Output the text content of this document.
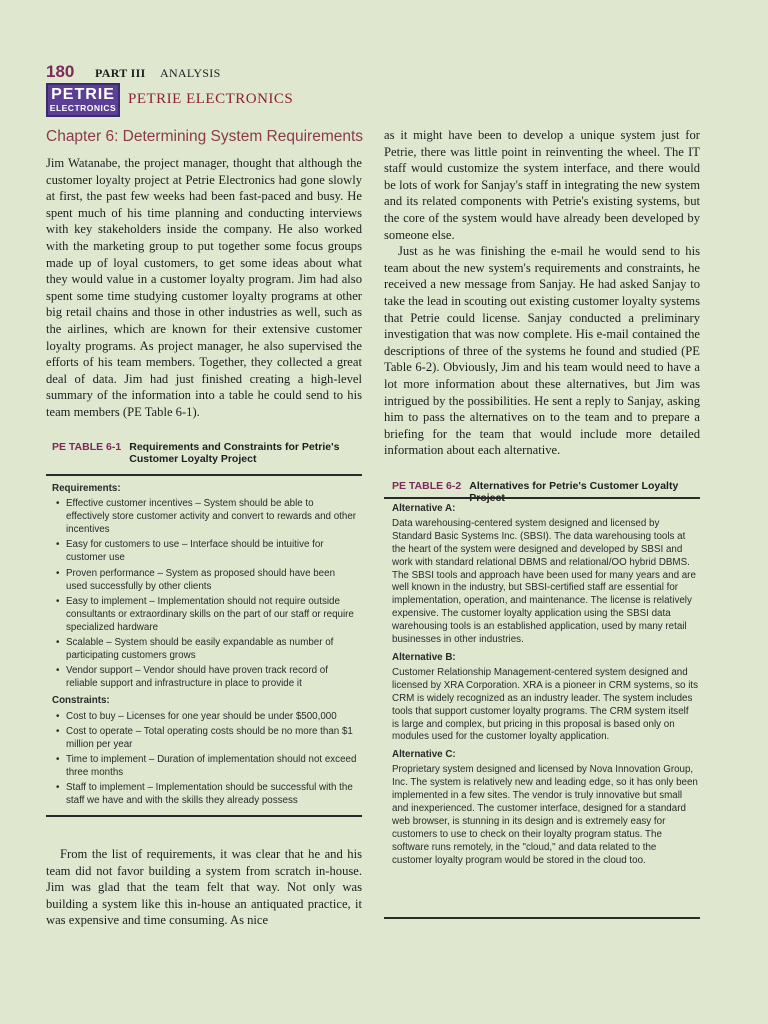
180 PART III ANALYSIS
PETRIE
ELECTRONICS
PETRIE ELECTRONICS
Chapter 6: Determining System Requirements

Jim Watanabe, the project manager, thought that although the customer loyalty project at Petrie Electronics had gone slowly at first, the past few weeks had been fast-paced and busy. He spent much of his time planning and conducting interviews with key stakeholders inside the company. He also worked with the marketing group to put together some focus groups made up of loyal customers, to get some ideas about what they would value in a customer loyalty program. Jim had also spent some time studying customer loyalty programs at other big retail chains and those in other industries as well, such as the airlines, which are known for their extensive customer loyalty programs. As project manager, he also supervised the efforts of his team members. Together, they collected a great deal of data. Jim had just finished creating a high-level summary of the information into a table he could send to his team members (PE Table 6-1).

PE TABLE 6-1 Requirements and Constraints for Petrie's Customer Loyalty Project
Requirements:
• Effective customer incentives – System should be able to effectively store customer activity and convert to rewards and other incentives
• Easy for customers to use – Interface should be intuitive for customer use
• Proven performance – System as proposed should have been used successfully by other clients
• Easy to implement – Implementation should not require outside consultants or extraordinary skills on the part of our staff or require specialized hardware
• Scalable – System should be easily expandable as number of participating customers grows
• Vendor support – Vendor should have proven track record of reliable support and infrastructure in place to provide it
Constraints:
• Cost to buy – Licenses for one year should be under $500,000
• Cost to operate – Total operating costs should be no more than $1 million per year
• Time to implement – Duration of implementation should not exceed three months
• Staff to implement – Implementation should be successful with the staff we have and with the skills they already possess

From the list of requirements, it was clear that he and his team did not favor building a system from scratch in-house. Jim was glad that the team felt that way. Not only was building a system like this in-house an antiquated practice, it was expensive and time consuming. As nice

as it might have been to develop a unique system just for Petrie, there was little point in reinventing the wheel. The IT staff would customize the system interface, and there would be lots of work for Sanjay's staff in integrating the new system and its related components with Petrie's existing systems, but the core of the system would have already been developed by someone else.

Just as he was finishing the e-mail he would send to his team about the new system's requirements and constraints, he received a new message from Sanjay. He had asked Sanjay to take the lead in scouting out existing customer loyalty systems that Petrie could license. Sanjay conducted a preliminary investigation that was now complete. His e-mail contained the descriptions of three of the systems he found and studied (PE Table 6-2). Obviously, Jim and his team would need to have a lot more information about these alternatives, but Jim was intrigued by the possibilities. He sent a reply to Sanjay, asking him to pass the alternatives on to the team and to prepare a briefing for the team that would include more detailed information about each alternative.

PE TABLE 6-2 Alternatives for Petrie's Customer Loyalty
Alternative A:
Data warehousing-centered system designed and licensed by Standard Basic Systems Inc. (SBSI). The data warehousing tools at the heart of the system were designed and developed by SBSI and work with standard relational DBMS and relational/OO hybrid DBMS. The SBSI tools and approach have been used for many years and are well known in the industry, but SBSI-certified staff are essential for implementation, operation, and maintenance. The license is relatively expensive. The customer loyalty application using the SBSI data warehousing tools is an established application, used by many retail businesses in other industries.
Alternative B:
Customer Relationship Management-centered system designed and licensed by XRA Corporation. XRA is a pioneer in CRM systems, so its CRM is widely recognized as an industry leader. The system includes tools that support customer loyalty programs. The CRM system itself is large and complex, but pricing in this proposal is based only on modules used for the customer loyalty application.
Alternative C:
Proprietary system designed and licensed by Nova Innovation Group, Inc. The system is relatively new and leading edge, so it has only been implemented in a few sites. The vendor is truly innovative but small and inexperienced. The customer interface, designed for a standard web browser, is stunning in its design and is extremely easy for customers to use to check on their loyalty program status. The software runs remotely, in the "cloud," and data related to the customer loyalty program would be stored in the cloud too.
